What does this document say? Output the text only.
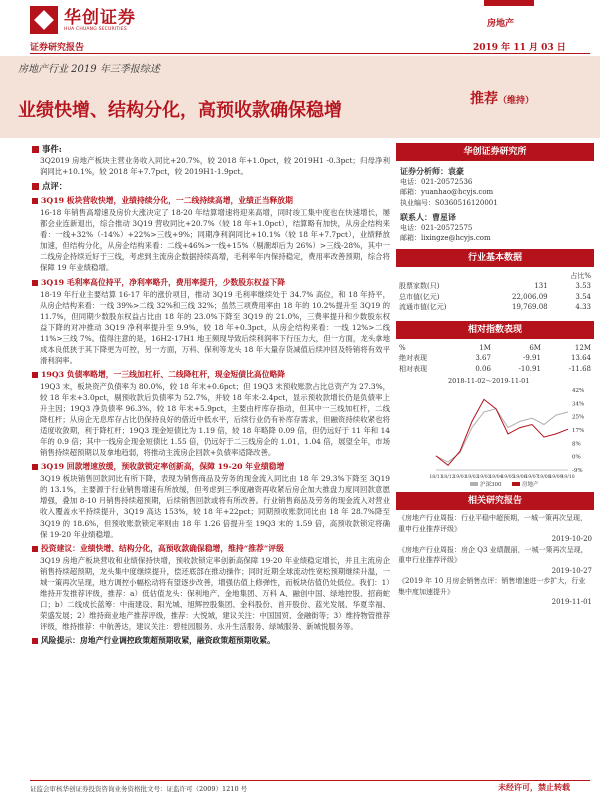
华创证券
HUA CHUANG SECURITIES
证券研究报告
房地产
2019 年 11 月 03 日
房地产行业 2019 年三季报综述
业绩快增、结构分化，高预收款确保稳增
推荐（维持）
事件:
3Q2019 房地产板块主营业务收入同比+20.7%，较 2018 年+1.0pct，较 2019H1 -0.3pct；归母净利润同比+10.1%，较 2018 年+7.7pct，较 2019H1-1.9pct。
点评：
3Q19 板块营收快增，业绩持续分化，一二线持续高增，业绩正当释放期
16-18 年销售高增速及房价大涨决定了 18-20 年结算增速将迎来高增，同时竣工集中度也在快速增长，屡都会业连新退出，综合推动 3Q19 营收同比+20.7%（较 18 年+1.0pct），结算略有加快，从房企结构来看：一线+32%（-14%）+22%>三线+9%；同期净利润同比+10.1%（较 18 年+7.7pct），业绩释放加速，但结构分化，从房企结构来看：二线+46%>一线+15%（剔潮却后为 26%）>三线-28%，其中一二线房企持续近好于三线，考虑到主流房企数据持续高增，毛利率年内保持稳定，费用率改善预期，综合将保障 19 年业绩稳增。
3Q19 毛利率高位持平，净利率略升，费用率提升，少数股东权益下降
18-19 年行业主要结算 16-17 年的涨价项目，推动 3Q19 毛利率继续处于 34.7% 高位，和 18 年持平，从房企结构来看：一线 39%>二线 32%和三线 32%；虽然三项费用率由 18 年的 10.2%提升至 3Q19 的 11.7%，但同期少数股东权益占比由 18 年的 23.0%下降至 3Q19 的 21.0%，三费率提升和少数股东权益下降的对冲推动 3Q19 净利率提升至 9.9%，较 18 年+0.3pct，从房企结构来看：一线 12%>二线 11%>三线 7%。值得注意的是，16H2-17H1 地王频现导致后续利润率下行压力大，但一方面，龙头拿地成本良低狭于其下降更为可控，另一方面，万科、保利等龙头 18 年大量存货减值后续冲回及特销将有效平滑利润率。
19Q3 负债率略增，一三线加杠杆、二线降杠杆，现金短债比高位略降
19Q3 末，板块资产负债率为 80.0%，较 18 年末+0.6pct；但 19Q3 末预收账款占比总资产为 27.3%，较 18 年末+3.0pct，剔预收款后负债率为 52.7%，并较 18 年末-2.4pct，显示预收款增长仍是负债率上升主因；19Q3 净负债率 96.3%，较 18 年末+5.9pct，主要由杆库存指动，但其中一三线加杠杆，二线降杠杆；从房企无息库存占比仍保持良好的借近中低水平，后续行业仍有补库存需求，但融资持续收紧也将适度收敛期，利于降杠杆；19Q3 现金短债比为 1.19 倍，较 18 年略降 0.09 倍，但仍远好于 11 年和 14 年的 0.9 倍；其中一线房企现金短债比 1.55 倍，仍远好于二三线房企的 1.01、1.04 倍，展望全年，市场销售持续超预期以及拿地趋弱，将推动主流房企回款+负债率适降改善。
3Q19 回款增速放缓，预收款锁定率创新高，保障 19-20 年业绩稳增
3Q19 板块销售回款同比有所下降，表现为销售商品及劳务的现金流入同比由 18 年 29.3%下降至 3Q19 的 13.1%，主要源于行业销售增速有所放缓，但考虑到三季度融资再收紧后房企加大推盘力度同回款意愿增强，叠加 8-10 月销售持续超预期，后续销售回款或将有所改善。行业销售商品及劳务的现金流入对营业收入覆盖水平持续提升，3Q19 高达 153%，较 18 年+22pct；同期预收账款同比由 18 年 28.7%降至 3Q19 的 18.6%，但预收账款锁定率则由 18 年 1.26 倍提升至 19Q3 末的 1.59 倍，高预收款锁定将确保 19-20 年业绩稳增。
投资建议：业绩快增、结构分化，高预收款确保稳增，维持“推荐”评级
3Q19 房地产板块营收和业绩保持快增，预收款锁定率创新高保障 19-20 年业绩稳定增长，并且主流房企销售持续超预期，龙头集中度继续提升，偿还底部在推动操作；同时近期全球流动性宽松预期继续升温，一城一策再次呈现，地方调控小幅松动将有望逐步改善，增强估值上修弹性，而板块估值仍处低位。我们：1）维持开发推荐评级，推荐：a）低估值龙头：保利地产、金地集团、万科 A、融创中国、绿地控股、招商蛇口；b）二线成长蓝筹：中南建设、阳光城、旭辉控股集团、金科股份、首开股份、蓝光发展、华夏幸福、荣盛发展；2）维持商业地产推荐评级，推荐：大悦城，建议关注：中国国贸、金融街等；3）维持物管推荐评级，维持推荐：中航善达，建议关注：碧桂园服务、永升生活服务、绿城服务、新城悦服务等。
风险提示：房地产行业调控政策超预期收紧，融资政策超预期收紧。
华创证券研究所
证券分析师：袁豪
电话：021-20572536
邮箱：yuanhao@hcyjs.com
执业编号：S0360516120001
联系人：曹星译
电话：021-20572575
邮箱：lixingze@hcyjs.com
行业基本数据
		占比%
股票家数(只)	131	3.53
总市值(亿元)	22,006.09	3.54
流通市值(亿元)	19,769.08	4.33
相对指数表现
%	1M	6M	12M
绝对表现	3.67	-9.91	13.64
相对表现	0.06	-10.91	-11.68
2018-11-02～2019-11-01
42%
34%
25%
17%
8%
0%
-9%
18/11
18/12
19/01
19/02
19/03
19/04
19/05
19/06
19/07
19/08
19/09
19/10
沪深300	房地产
相关研究报告
《房地产行业周报：行业平稳中超预期，一城一策再次呈现，重申行业推荐评级》
2019-10-20
《房地产行业周报：房企 Q3 业绩靓丽，一城一策再次呈现，重申行业推荐评级》
2019-10-27
《2019 年 10 月房企销售点评：销售增速进一步扩大，行业集中度加速提升》
2019-11-01
证监会审核华创证券投资咨询业务资格批文号：证监许可（2009）1210 号	未经许可，禁止转载
